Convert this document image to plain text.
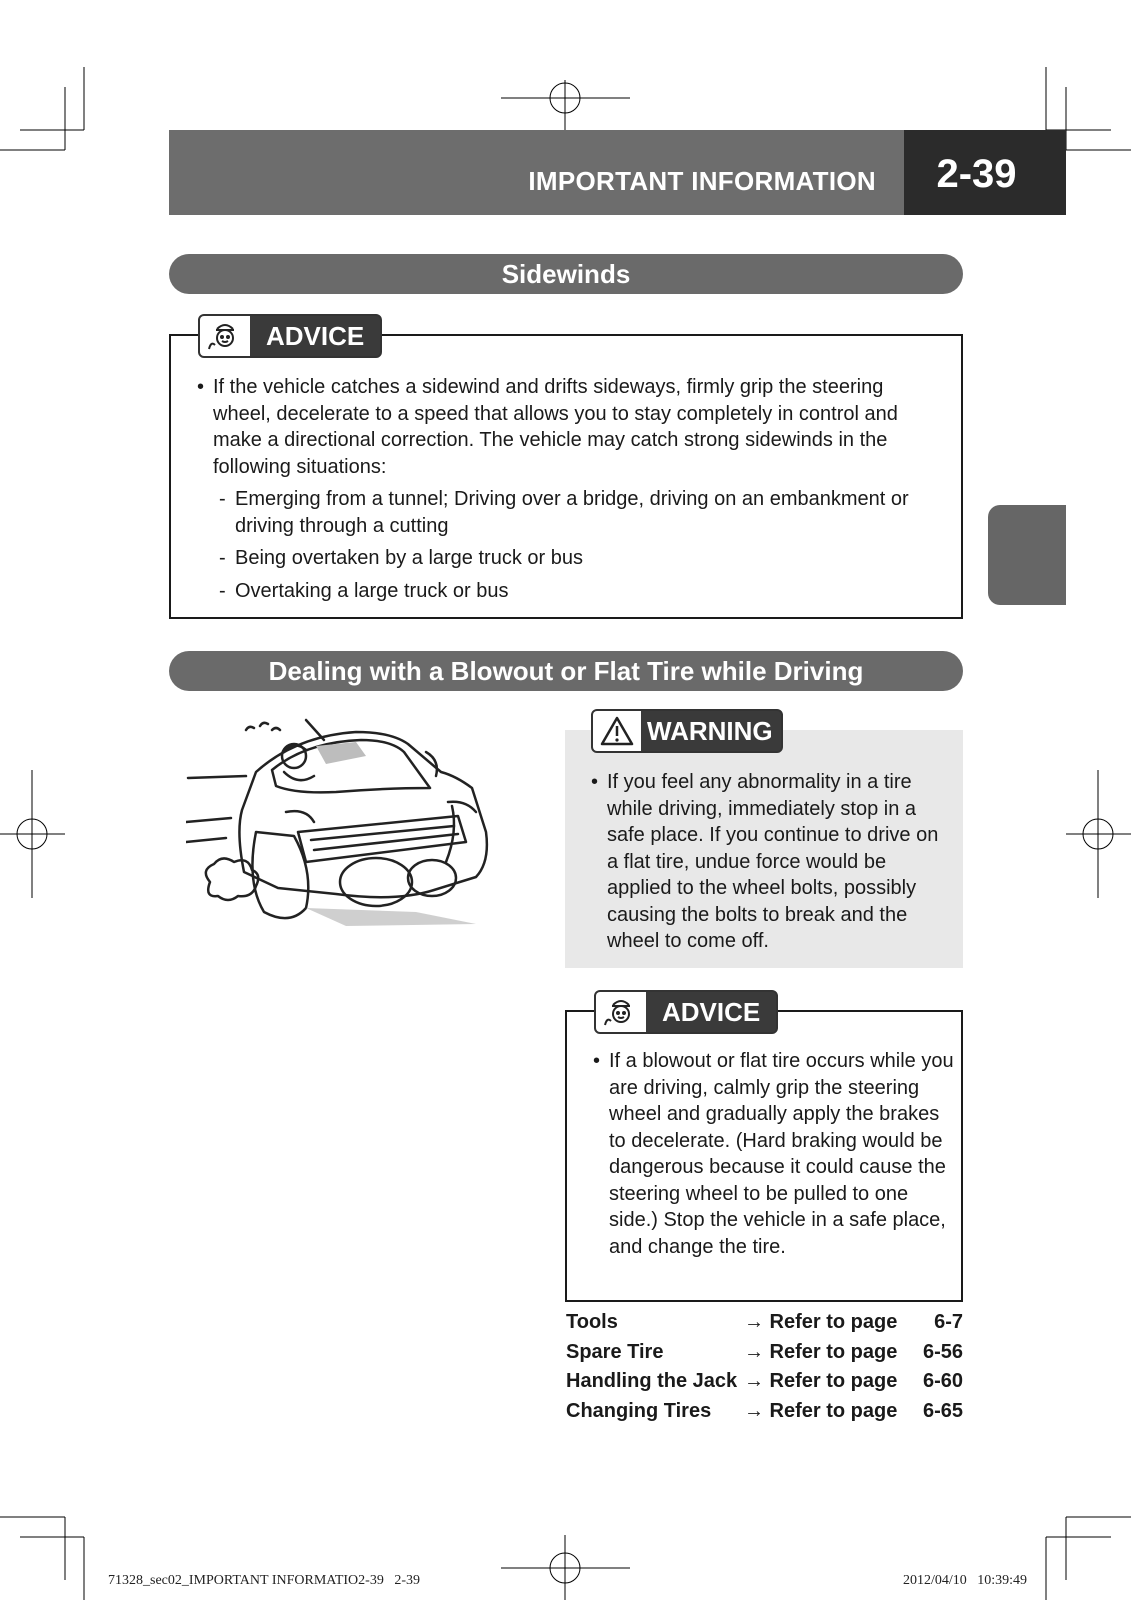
IMPORTANT INFORMATION	2-39
Sidewinds
• If the vehicle catches a sidewind and drifts sideways, firmly grip the steering wheel, decelerate to a speed that allows you to stay completely in control and make a directional correction. The vehicle may catch strong sidewinds in the following situations:
- Emerging from a tunnel; Driving over a bridge, driving on an embankment or driving through a cutting
- Being overtaken by a large truck or bus
- Overtaking a large truck or bus
ADVICE
Dealing with a Blowout or Flat Tire while Driving
• If you feel any abnormality in a tire while driving, immediately stop in a safe place. If you continue to drive on a flat tire, undue force would be applied to the wheel bolts, possibly causing the bolts to break and the wheel to come off.
WARNING
• If a blowout or flat tire occurs while you are driving, calmly grip the steering wheel and gradually apply the brakes to decelerate. (Hard braking would be dangerous because it could cause the steering wheel to be pulled to one side.) Stop the vehicle in a safe place, and change the tire.
ADVICE
Tools	→ Refer to page 6-7
Spare Tire	→ Refer to page 6-56
Handling the Jack → Refer to page 6-60
Changing Tires → Refer to page 6-65
71328_sec02_IMPORTANT INFORMATIO2-39   2-39	2012/04/10   10:39:49
